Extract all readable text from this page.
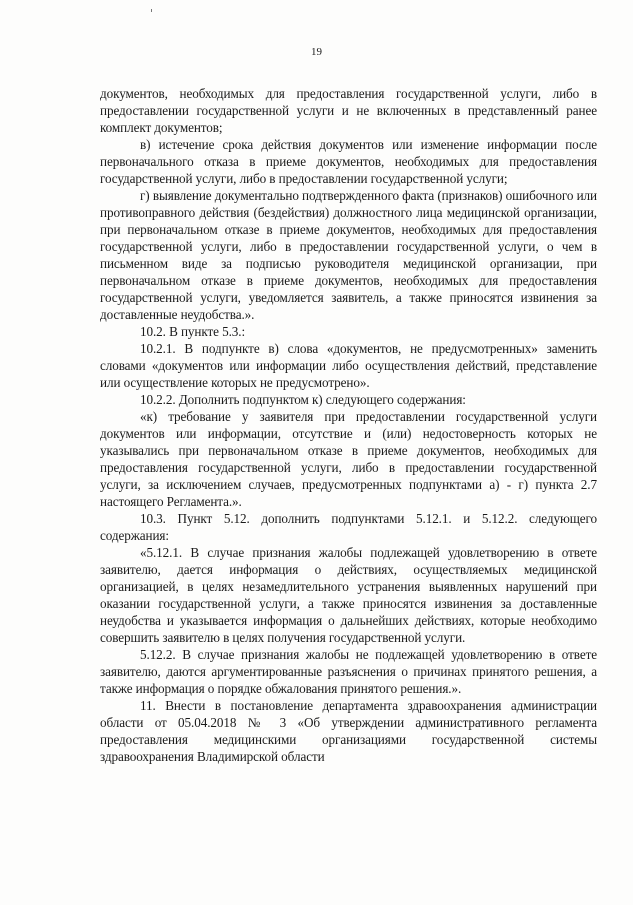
19

документов, необходимых для предоставления государственной услуги, либо в предоставлении государственной услуги и не включенных в представленный ранее комплект документов;

в) истечение срока действия документов или изменение информации после первоначального отказа в приеме документов, необходимых для предоставления государственной услуги, либо в предоставлении государственной услуги;

г) выявление документально подтвержденного факта (признаков) ошибочного или противоправного действия (бездействия) должностного лица медицинской организации, при первоначальном отказе в приеме документов, необходимых для предоставления государственной услуги, либо в предоставлении государственной услуги, о чем в письменном виде за подписью руководителя медицинской организации, при первоначальном отказе в приеме документов, необходимых для предоставления государственной услуги, уведомляется заявитель, а также приносятся извинения за доставленные неудобства.».

10.2. В пункте 5.3.:

10.2.1. В подпункте в) слова «документов, не предусмотренных» заменить словами «документов или информации либо осуществления действий, представление или осуществление которых не предусмотрено».

10.2.2. Дополнить подпунктом к) следующего содержания:

«к) требование у заявителя при предоставлении государственной услуги документов или информации, отсутствие и (или) недостоверность которых не указывались при первоначальном отказе в приеме документов, необходимых для предоставления государственной услуги, либо в предоставлении государственной услуги, за исключением случаев, предусмотренных подпунктами а) - г) пункта 2.7 настоящего Регламента.».

10.3. Пункт 5.12. дополнить подпунктами 5.12.1. и 5.12.2. следующего содержания:

«5.12.1. В случае признания жалобы подлежащей удовлетворению в ответе заявителю, дается информация о действиях, осуществляемых медицинской организацией, в целях незамедлительного устранения выявленных нарушений при оказании государственной услуги, а также приносятся извинения за доставленные неудобства и указывается информация о дальнейших действиях, которые необходимо совершить заявителю в целях получения государственной услуги.

5.12.2. В случае признания жалобы не подлежащей удовлетворению в ответе заявителю, даются аргументированные разъяснения о причинах принятого решения, а также информация о порядке обжалования принятого решения.».

11. Внести в постановление департамента здравоохранения администрации области от 05.04.2018 № 3 «Об утверждении административного регламента предоставления медицинскими организациями государственной системы здравоохранения Владимирской области
